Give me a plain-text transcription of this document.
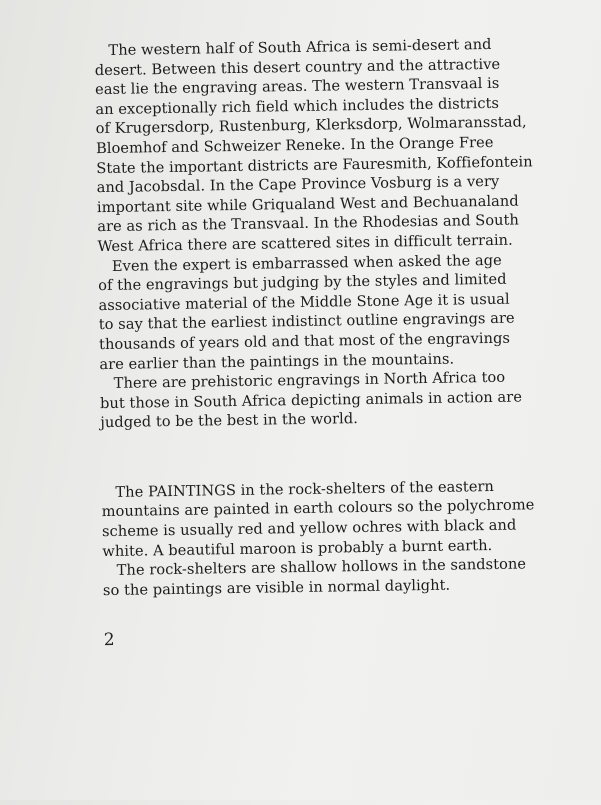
The western half of South Africa is semi-desert and
desert. Between this desert country and the attractive
east lie the engraving areas. The western Transvaal is
an exceptionally rich field which includes the districts
of Krugersdorp, Rustenburg, Klerksdorp, Wolmaransstad,
Bloemhof and Schweizer Reneke. In the Orange Free
State the important districts are Fauresmith, Koffiefontein
and Jacobsdal. In the Cape Province Vosburg is a very
important site while Griqualand West and Bechuanaland
are as rich as the Transvaal. In the Rhodesias and South
West Africa there are scattered sites in difficult terrain.
Even the expert is embarrassed when asked the age
of the engravings but judging by the styles and limited
associative material of the Middle Stone Age it is usual
to say that the earliest indistinct outline engravings are
thousands of years old and that most of the engravings
are earlier than the paintings in the mountains.
There are prehistoric engravings in North Africa too
but those in South Africa depicting animals in action are
judged to be the best in the world.
The PAINTINGS in the rock-shelters of the eastern
mountains are painted in earth colours so the polychrome
scheme is usually red and yellow ochres with black and
white. A beautiful maroon is probably a burnt earth.
The rock-shelters are shallow hollows in the sandstone
so the paintings are visible in normal daylight.
2
